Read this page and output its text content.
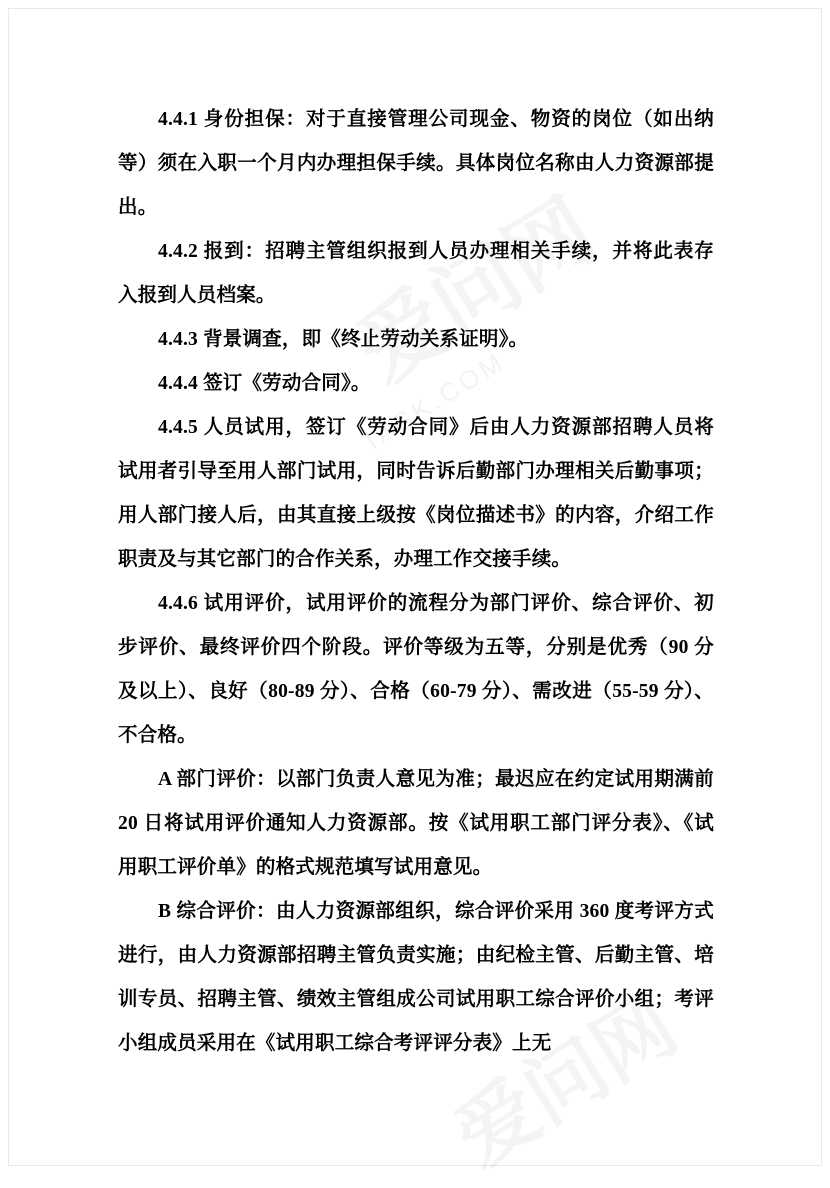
IASK.COM

4.4.1 身份担保：对于直接管理公司现金、物资的岗位（如出纳等）须在入职一个月内办理担保手续。具体岗位名称由人力资源部提出。

4.4.2 报到：招聘主管组织报到人员办理相关手续，并将此表存入报到人员档案。

4.4.3 背景调查，即《终止劳动关系证明》。

4.4.4 签订《劳动合同》。

4.4.5 人员试用，签订《劳动合同》后由人力资源部招聘人员将试用者引导至用人部门试用，同时告诉后勤部门办理相关后勤事项；用人部门接人后，由其直接上级按《岗位描述书》的内容，介绍工作职责及与其它部门的合作关系，办理工作交接手续。

4.4.6 试用评价，试用评价的流程分为部门评价、综合评价、初步评价、最终评价四个阶段。评价等级为五等，分别是优秀（90 分及以上）、良好（80-89 分）、合格（60-79 分）、需改进（55-59 分）、不合格。

A 部门评价：以部门负责人意见为准；最迟应在约定试用期满前 20 日将试用评价通知人力资源部。按《试用职工部门评分表》、《试用职工评价单》的格式规范填写试用意见。

B 综合评价：由人力资源部组织，综合评价采用 360 度考评方式进行，由人力资源部招聘主管负责实施；由纪检主管、后勤主管、培训专员、招聘主管、绩效主管组成公司试用职工综合评价小组；考评小组成员采用在《试用职工综合考评评分表》上无
